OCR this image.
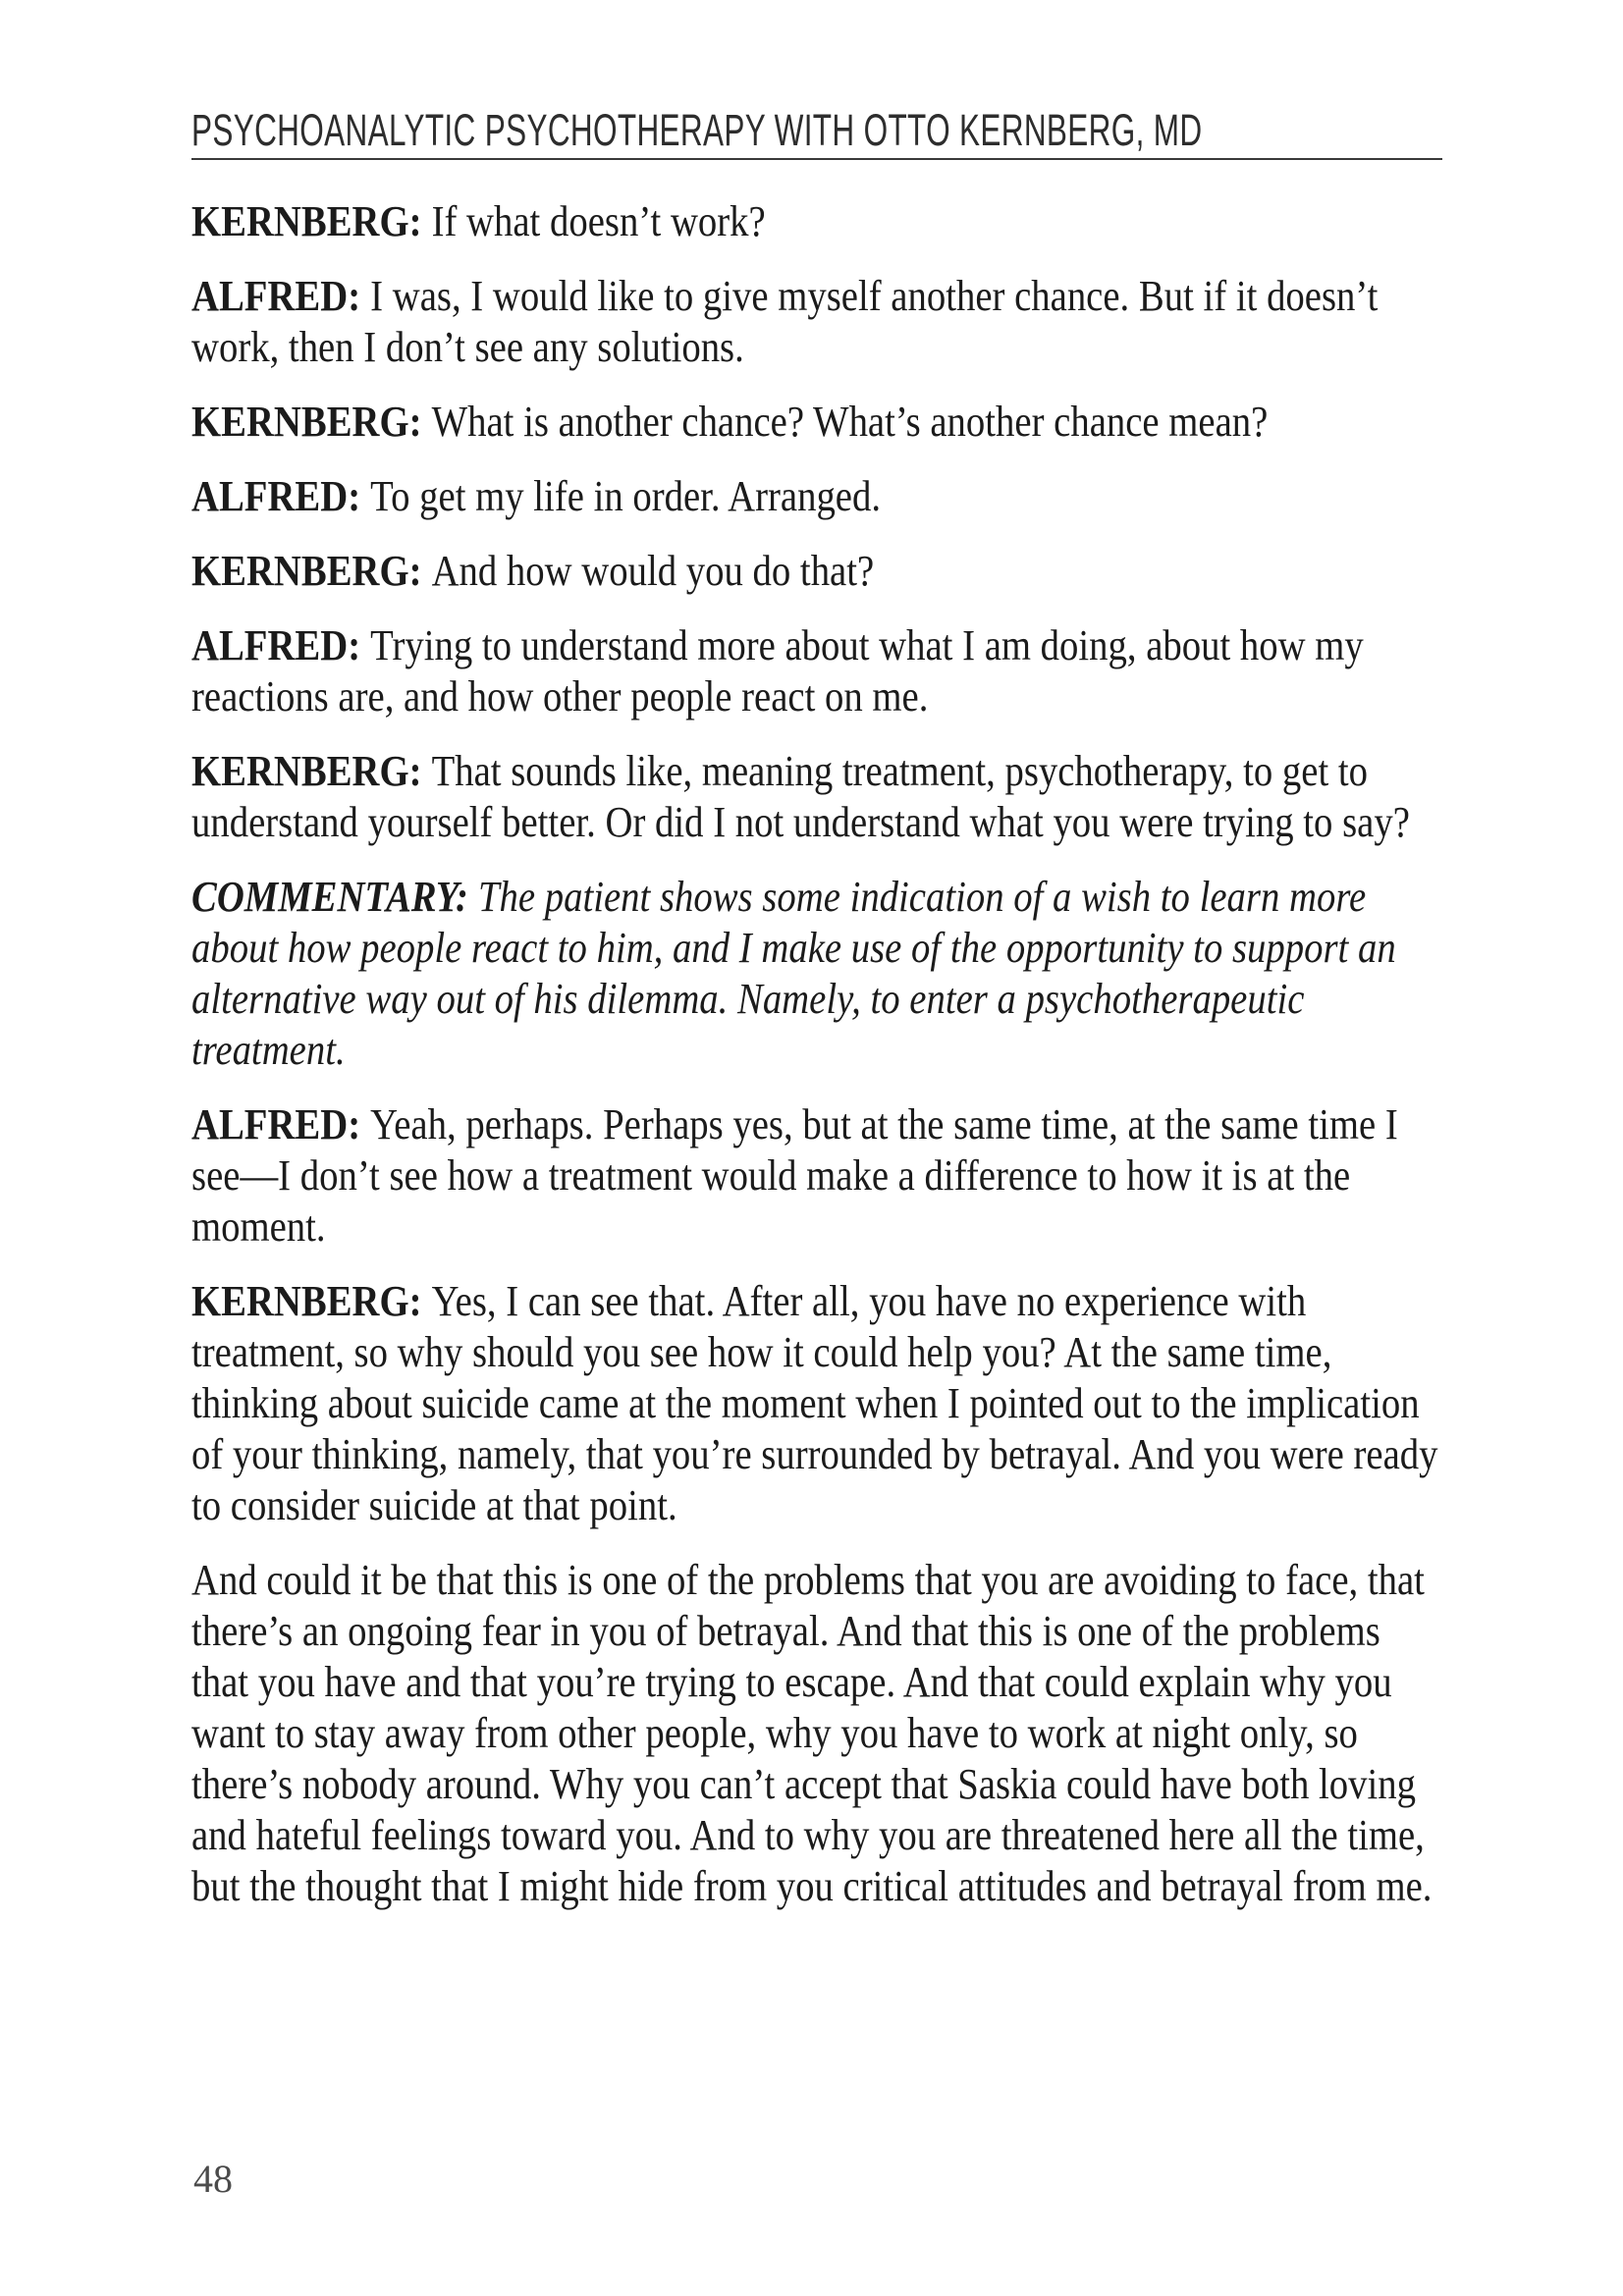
PSYCHOANALYTIC PSYCHOTHERAPY WITH OTTO KERNBERG, MD

KERNBERG: If what doesn’t work?

ALFRED: I was, I would like to give myself another chance. But if it doesn’t work, then I don’t see any solutions.

KERNBERG: What is another chance? What’s another chance mean?

ALFRED: To get my life in order. Arranged.

KERNBERG: And how would you do that?

ALFRED: Trying to understand more about what I am doing, about how my reactions are, and how other people react on me.

KERNBERG: That sounds like, meaning treatment, psychotherapy, to get to understand yourself better. Or did I not understand what you were trying to say?

COMMENTARY: The patient shows some indication of a wish to learn more about how people react to him, and I make use of the opportunity to support an alternative way out of his dilemma. Namely, to enter a psychotherapeutic treatment.

ALFRED: Yeah, perhaps. Perhaps yes, but at the same time, at the same time I see—I don’t see how a treatment would make a difference to how it is at the moment.

KERNBERG: Yes, I can see that. After all, you have no experience with treatment, so why should you see how it could help you? At the same time, thinking about suicide came at the moment when I pointed out to the implication of your thinking, namely, that you’re surrounded by betrayal. And you were ready to consider suicide at that point.

And could it be that this is one of the problems that you are avoiding to face, that there’s an ongoing fear in you of betrayal. And that this is one of the problems that you have and that you’re trying to escape. And that could explain why you want to stay away from other people, why you have to work at night only, so there’s nobody around. Why you can’t accept that Saskia could have both loving and hateful feelings toward you. And to why you are threatened here all the time, but the thought that I might hide from you critical attitudes and betrayal from me.

48
